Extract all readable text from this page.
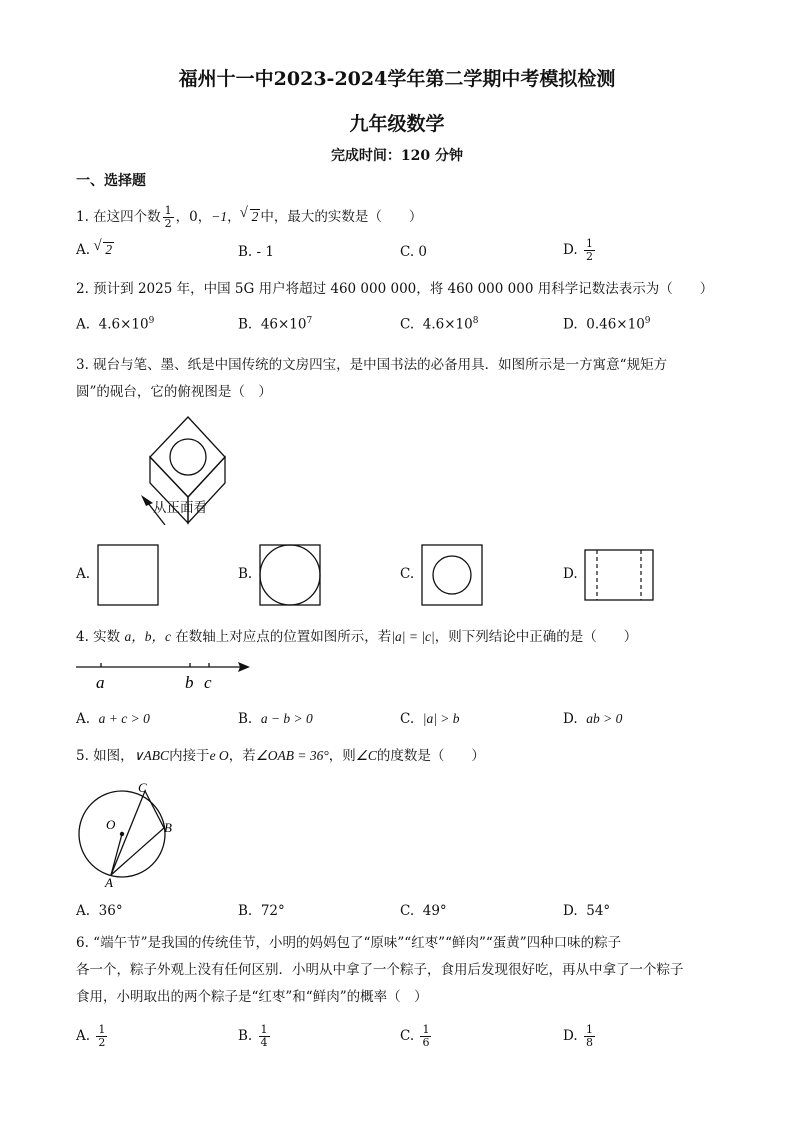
福州十一中2023-2024学年第二学期中考模拟检测
九年级数学
完成时间：120 分钟
一、选择题
1. 在这四个数 $\frac{1}{2}$ ，0，−1， √ 2 中，最大的实数是（　　）
A. √ 2	B. - 1	C. 0	D. $\frac{1}{2}$
2. 预计到 2025 年，中国 5G 用户将超过 460 000 000，将 460 000 000 用科学记数法表示为（　　）
A. $4.6\times 10^9$	B. $46\times 10^7$	C. $4.6\times 10^8$	D. $0.46\times 10^9$
3. 砚台与笔、墨、纸是中国传统的文房四宝，是中国书法的必备用具．如图所示是一方寓意“规矩方
圆”的砚台，它的俯视图是（　）
从正面看
A.	B.	C.	D.
4. 实数 a，b，c 在数轴上对应点的位置如图所示，若|a| = |c|，则下列结论中正确的是（　　）
a	b c
A. a + c > 0	B. a − b > 0	C. |a| > b	D. ab > 0
5. 如图，∨ABC内接于e O，若∠OAB = 36°，则∠C的度数是（　　）
O
C
B
A
A. 36°	B. 72°	C. 49°	D. 54°
6. “端午节”是我国的传统佳节，小明的妈妈包了“原味”“红枣”“鲜肉”“蛋黄”四种口味的粽子
各一个，粽子外观上没有任何区别．小明从中拿了一个粽子，食用后发现很好吃，再从中拿了一个粽子
食用，小明取出的两个粽子是“红枣”和“鲜肉”的概率（　）
A. $\frac{1}{2}$	B. $\frac{1}{4}$	C. $\frac{1}{6}$	D. $\frac{1}{8}$
